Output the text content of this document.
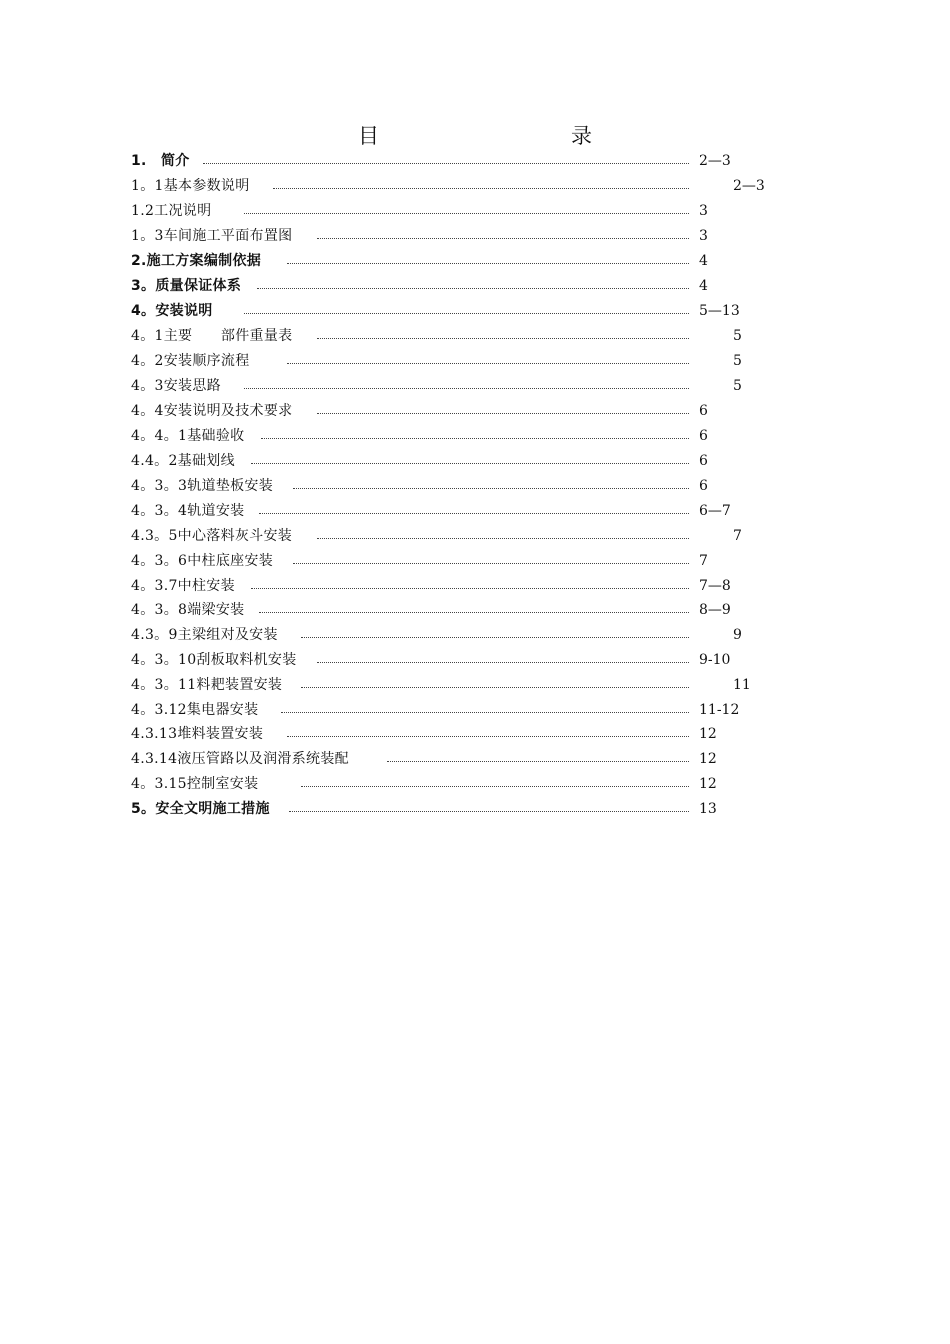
目　　录
1.　简介	2—3
1。1基本参数说明	2—3
1.2工况说明	3
1。3车间施工平面布置图	3
2.施工方案编制依据	4
3。质量保证体系	4
4。安装说明	5—13
4。1主要　　部件重量表	5
4。2安装顺序流程	5
4。3安装思路	5
4。4安装说明及技术要求	6
4。4。1基础验收	6
4.4。2基础划线	6
4。3。3轨道垫板安装	6
4。3。4轨道安装	6—7
4.3。5中心落料灰斗安装	7
4。3。6中柱底座安装	7
4。3.7中柱安装	7—8
4。3。8端梁安装	8—9
4.3。9主梁组对及安装	9
4。3。10刮板取料机安装	9-10
4。3。11料耙装置安装	11
4。3.12集电器安装	11-12
4.3.13堆料装置安装	12
4.3.14液压管路以及润滑系统装配	12
4。3.15控制室安装	12
5。安全文明施工措施	13
